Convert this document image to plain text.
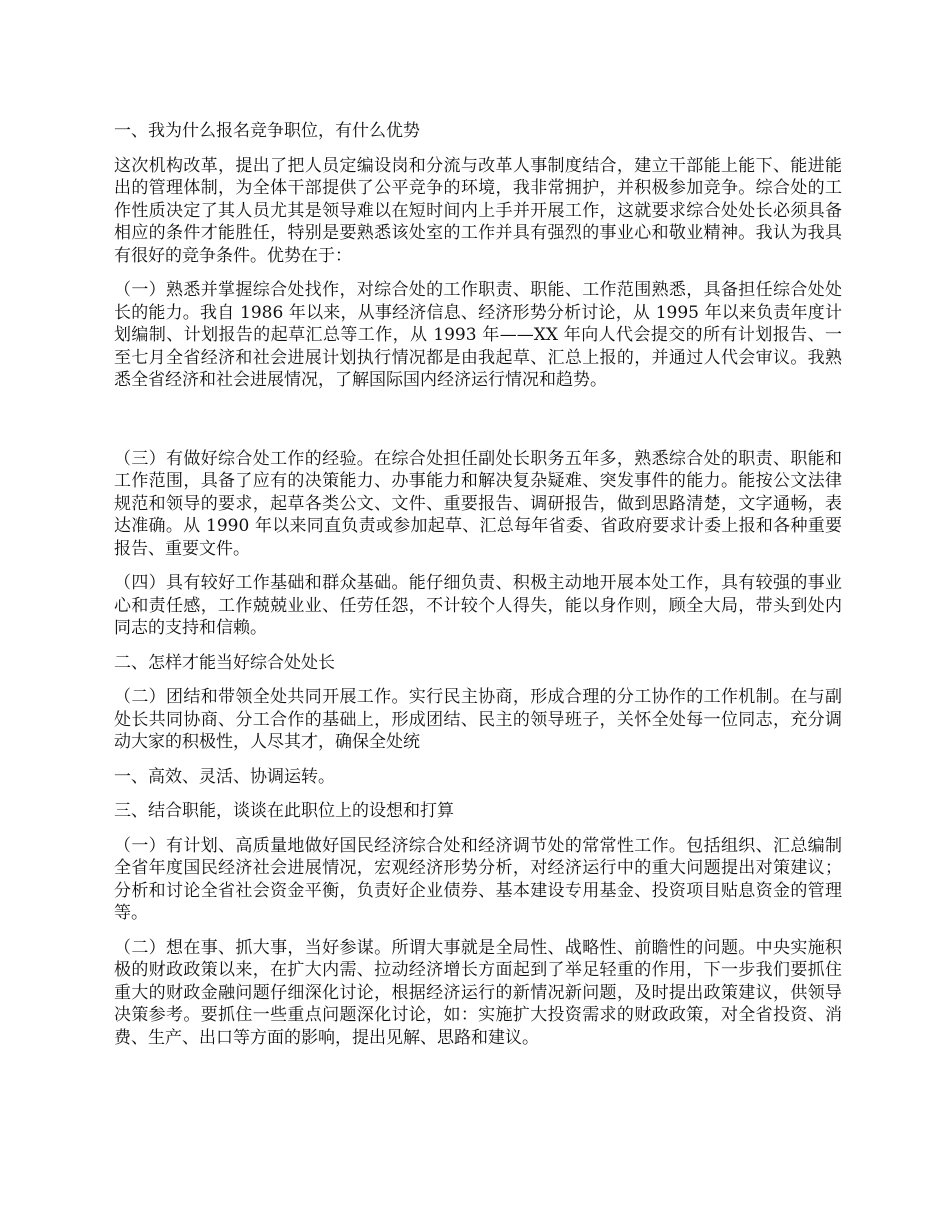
一、我为什么报名竞争职位，有什么优势

这次机构改革，提出了把人员定编设岗和分流与改革人事制度结合，建立干部能上能下、能进能出的管理体制，为全体干部提供了公平竞争的环境，我非常拥护，并积极参加竞争。综合处的工作性质决定了其人员尤其是领导难以在短时间内上手并开展工作，这就要求综合处处长必须具备相应的条件才能胜任，特别是要熟悉该处室的工作并具有强烈的事业心和敬业精神。我认为我具有很好的竞争条件。优势在于：

（一）熟悉并掌握综合处找作，对综合处的工作职责、职能、工作范围熟悉，具备担任综合处处长的能力。我自 1986 年以来，从事经济信息、经济形势分析讨论，从 1995 年以来负责年度计划编制、计划报告的起草汇总等工作，从 1993 年——XX 年向人代会提交的所有计划报告、一至七月全省经济和社会进展计划执行情况都是由我起草、汇总上报的，并通过人代会审议。我熟悉全省经济和社会进展情况，了解国际国内经济运行情况和趋势。

（三）有做好综合处工作的经验。在综合处担任副处长职务五年多，熟悉综合处的职责、职能和工作范围，具备了应有的决策能力、办事能力和解决复杂疑难、突发事件的能力。能按公文法律规范和领导的要求，起草各类公文、文件、重要报告、调研报告，做到思路清楚，文字通畅，表达准确。从 1990 年以来同直负责或参加起草、汇总每年省委、省政府要求计委上报和各种重要报告、重要文件。

（四）具有较好工作基础和群众基础。能仔细负责、积极主动地开展本处工作，具有较强的事业心和责任感，工作兢兢业业、任劳任怨，不计较个人得失，能以身作则，顾全大局，带头到处内同志的支持和信赖。

二、怎样才能当好综合处处长

（二）团结和带领全处共同开展工作。实行民主协商，形成合理的分工协作的工作机制。在与副处长共同协商、分工合作的基础上，形成团结、民主的领导班子，关怀全处每一位同志，充分调动大家的积极性，人尽其才，确保全处统

一、高效、灵活、协调运转。

三、结合职能，谈谈在此职位上的设想和打算

（一）有计划、高质量地做好国民经济综合处和经济调节处的常常性工作。包括组织、汇总编制全省年度国民经济社会进展情况，宏观经济形势分析，对经济运行中的重大问题提出对策建议；分析和讨论全省社会资金平衡，负责好企业债券、基本建设专用基金、投资项目贴息资金的管理等。

（二）想在事、抓大事，当好参谋。所谓大事就是全局性、战略性、前瞻性的问题。中央实施积极的财政政策以来，在扩大内需、拉动经济增长方面起到了举足轻重的作用，下一步我们要抓住重大的财政金融问题仔细深化讨论，根据经济运行的新情况新问题，及时提出政策建议，供领导决策参考。要抓住一些重点问题深化讨论，如：实施扩大投资需求的财政政策，对全省投资、消费、生产、出口等方面的影响，提出见解、思路和建议。
